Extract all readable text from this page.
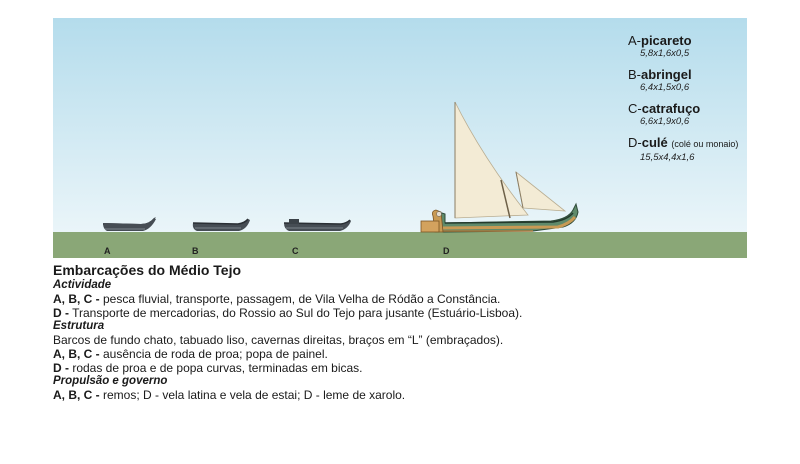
A	B	C	D
A-picareto
5,8x1,6x0,5
B-abringel
6,4x1,5x0,6
C-catrafuço
6,6x1,9x0,6
D-culé (colé ou monaio)
15,5x4,4x1,6

Embarcações do Médio Tejo

Actividade

A, B, C - pesca fluvial, transporte, passagem, de Vila Velha de Ródão a Constância.

D - Transporte de mercadorias, do Rossio ao Sul do Tejo para jusante (Estuário-Lisboa).

Estrutura

Barcos de fundo chato, tabuado liso, cavernas direitas, braços em “L” (embraçados).

A, B, C - ausência de roda de proa; popa de painel.

D - rodas de proa e de popa curvas, terminadas em bicas.

Propulsão e governo

A, B, C - remos; D - vela latina e vela de estai; D - leme de xarolo.
